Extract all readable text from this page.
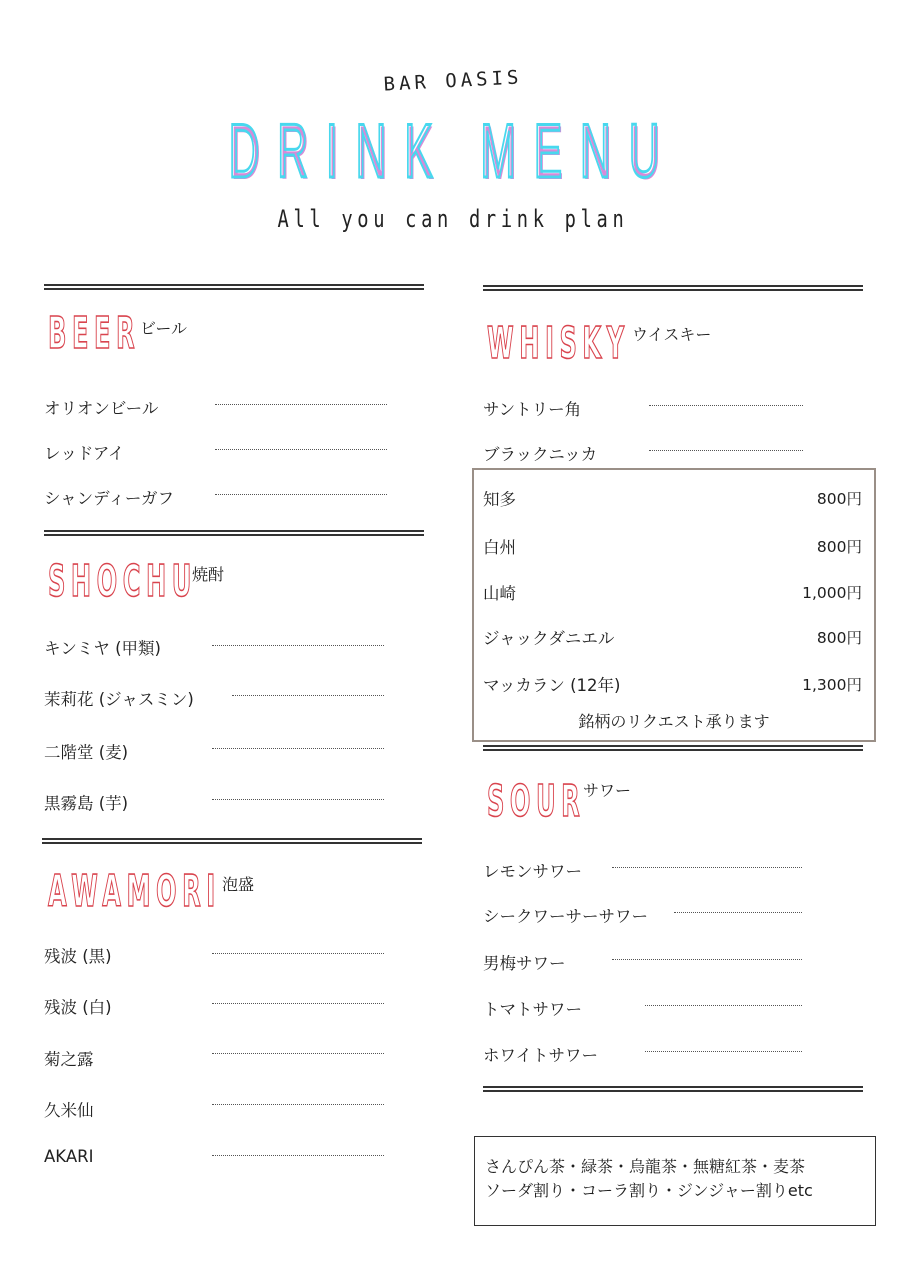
BAR OASIS
DRINK MENU
All you can drink plan
BEER ビール
オリオンビール
レッドアイ
シャンディーガフ
SHOCHU
焼酎
キンミヤ (甲類)
茉莉花 (ジャスミン)
二階堂 (麦)
黒霧島 (芋)
AWAMORI 泡盛
残波 (黒)
残波 (白)
菊之露
久米仙
AKARI
WHISKY ウイスキー
サントリー角
ブラックニッカ
知多	800円
白州	800円
山崎	1,000円
ジャックダニエル	800円
マッカラン (12年)	1,300円
銘柄のリクエスト承ります
SOUR
サワー
レモンサワー
シークワーサーサワー
男梅サワー
トマトサワー
ホワイトサワー
さんぴん茶・緑茶・烏龍茶・無糖紅茶・麦茶
ソーダ割り・コーラ割り・ジンジャー割りetc
